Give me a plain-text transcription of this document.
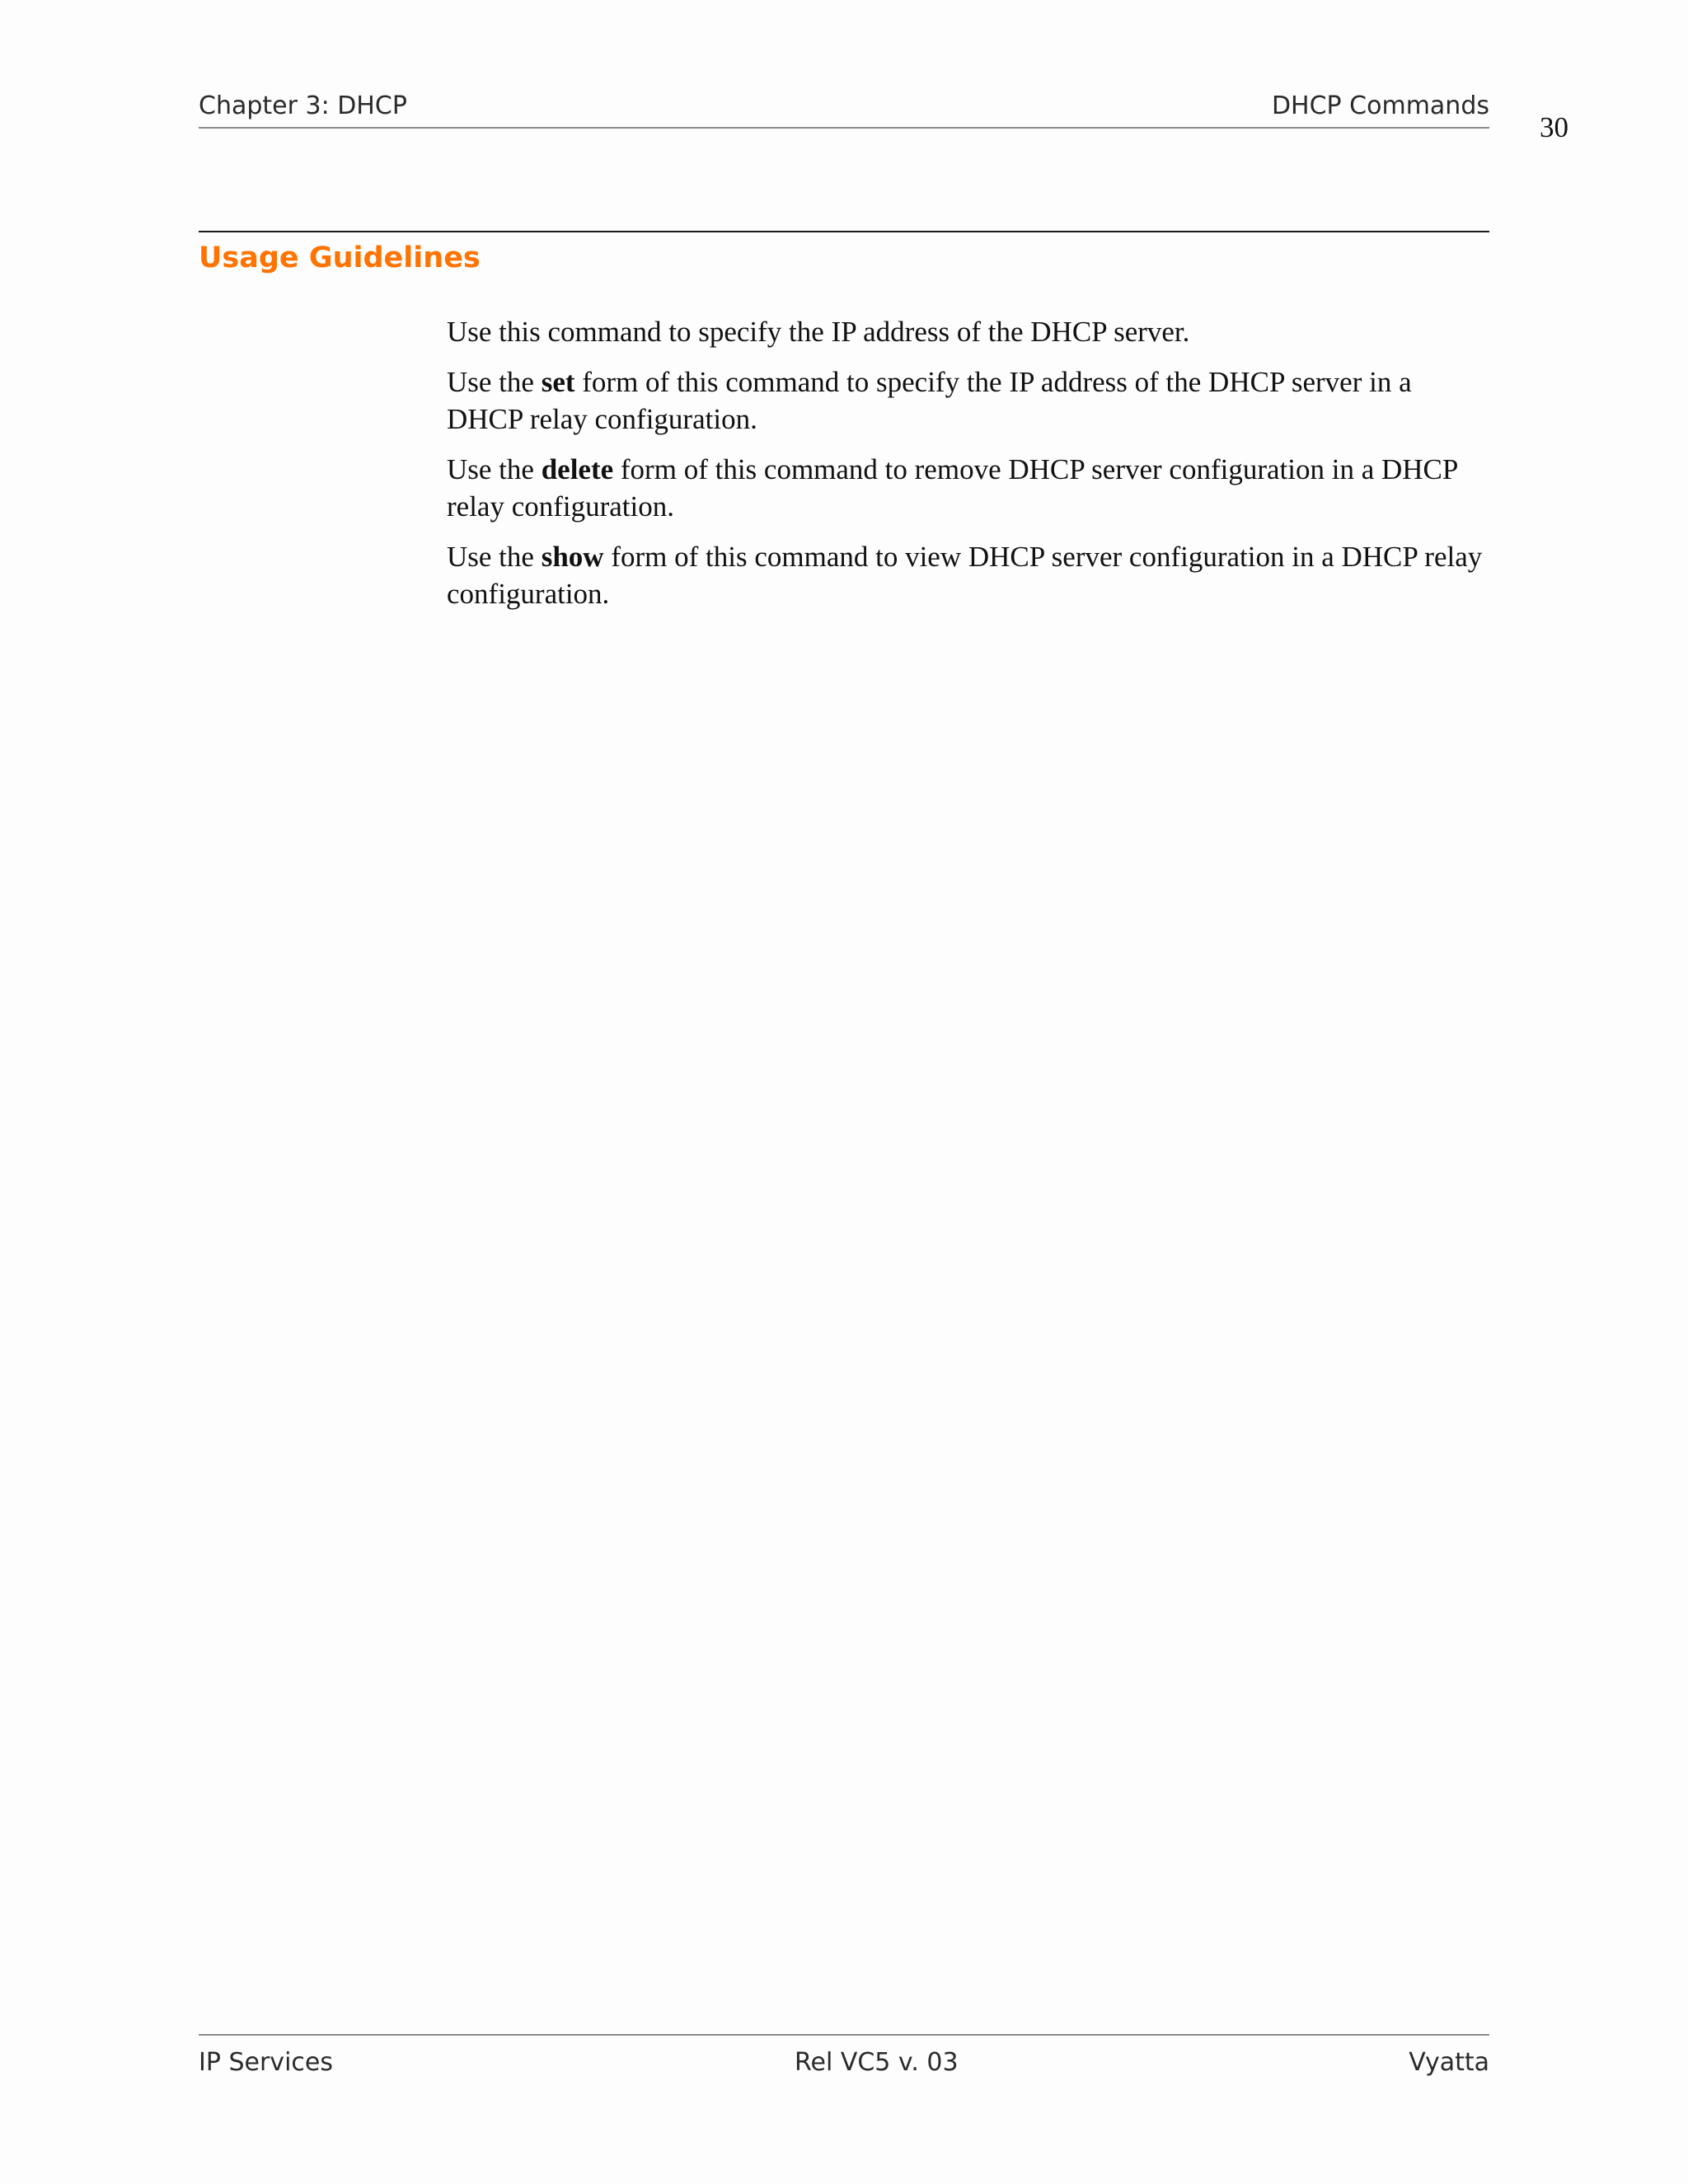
Chapter 3: DHCP	DHCP Commands
30
Usage Guidelines

Use this command to specify the IP address of the DHCP server.

Use the set form of this command to specify the IP address of the DHCP server in a DHCP relay configuration.

Use the delete form of this command to remove DHCP server configuration in a DHCP relay configuration.

Use the show form of this command to view DHCP server configuration in a DHCP relay configuration.

IP Services	Rel VC5 v. 03	Vyatta
